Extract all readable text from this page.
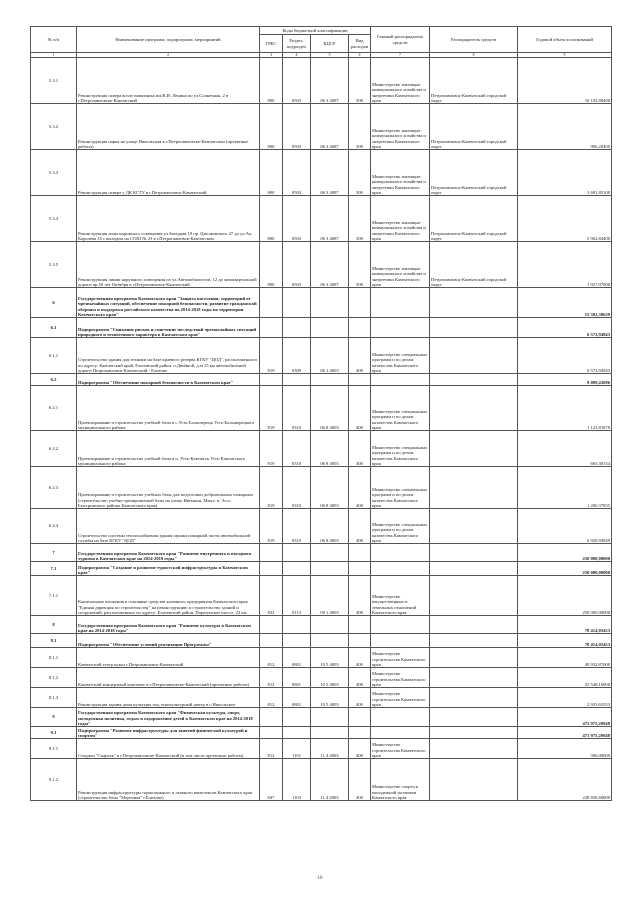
№ п/п	Наименование программ, подпрограмм, мероприятий	Коды бюджетной классификации				Главный распорядитель средств	Распорядитель средств	Годовой объем ассигнований
		ГРБС	Раздел, подраздел	КЦСР	Вид расходов			
1	2	3	4	5	6	7	8	9
5.3.1	Реконструкция сквера возле памятника им.В.И. Ленина по ул.Солнечная, 2 в г.Петропавловске-Камчатский	800	0503	06 3 4087	500	Министерство жилищно-коммунального хозяйства и энергетики Камчатского края	Петропавловск-Камчатский городской округ	16 102,88400
5.3.2	Реконструкция парка на улице Никольская в г.Петропавловске-Камчатском (проектные работы)	800	0503	06 3 4087	500	Министерство жилищно-коммунального хозяйства и энергетики Камчатского края	Петропавловск-Камчатский городской округ	906,20400
5.3.3	Реконструкция сквера у ДК КГТУ в г.Петропавловск-Камчатский	800	0503	06 3 4087	500	Министерство жилищно-коммунального хозяйства и энергетики Камчатского края	Петропавловск-Камчатский городской округ	3 691,85100
5.3.4	Реконструкция зоны наружного освещения ул.Звездная 19 пр. Циолковского 47 до ул.Ак. Королёва 35 с выходом на СОШ № 23 в г.Петропавловск-Камчатском	800	0503	06 3 4087	500	Министерство жилищно-коммунального хозяйства и энергетики Камчатского края	Петропавловск-Камчатский городской округ	5 962,84400
5.3.5	Реконструкция линии наружного освещения по ул.Автомобилистов, 12 до межквартальной дороги пр.50 лет Октября в г.Петропавловск-Камчатский	800	0503	06 3 4087	500	Министерство жилищно-коммунального хозяйства и энергетики Камчатского края	Петропавловск-Камчатский городской округ	1 027,07000
6	Государственная программа Камчатского края "Защита населения, территорий от чрезвычайных ситуаций, обеспечение пожарной безопасности, развитие гражданской обороны и поддержка российского казачества на 2014-2018 годы на территории Камчатского края"							15 582,38639
6.1	Подпрограмма "Снижение рисков и смягчение последствий чрезвычайных ситуаций природного и техногенного характера в Камчатском крае"							6 572,94943
6.1.1	Строительство здания для техники на базе краевого резерва КГКУ "ЦОД", расположенного по адресу: Камчатский край, Елизовский район, п.Двойной, д.м 15 км автомобильной дороги Петропавловск-Камчатский - Елизово	819	0309	06 1 4003	400	Министерство специальных программ и по делам казачества Камчатского края		6 572,94943
6.2	Подпрограмма "Обеспечение пожарной безопасности в Камчатском крае"							9 009,43696
6.2.1	Проектирование и строительство учебной базы в с.Усть-Большерецк Усть-Большерецкого муниципального района	819	0310	06 8 4003	400	Министерство специальных программ и по делам казачества Камчатского края		1 123,81878
6.2.2	Проектирование и строительство учебной базы в п. Усть-Камчатск Усть-Камчатского муниципального района	819	0310	06 8 4003	400	Министерство специальных программ и по делам казачества Камчатского края		665,30134
6.2.3	Проектирование и строительство учебных базы для подготовки добровольных пожарных (строительство учебно-тренировочной базы на улице Ивтыкин, Милл. в, Эссо Быстринского района Камчатского края)	819	0310	06 8 4003	400	Министерство специальных программ и по делам казачества Камчатского края		1 200,37835
6.2.4	Строительство системы теплоснабжения здания гаража пожарной части автомобильной службы на базе КГКУ "ЦОД"	819	0310	06 8 4003	400	Министерство специальных программ и по делам казачества Камчатского края		6 020,93849
7	Государственная программа Камчатского края "Развитие внутреннего и въездного туризма в Камчатском крае на 2014-2019 годы"							250 000,00000
7.1	Подпрограмма "Создание и развитие туристской инфраструктуры в Камчатском крае"							250 000,00000
7.1.1	Капитальные вложения в основные средства казенного предприятия Камчатского края "Единая дирекция по строительству" на реконструкцию и строительство зданий и сооружений, расположенных по адресу: Елизовский район, Паратунское шоссе, 23 км	822	0113	09 1 4003	400	Министерство имущественных и земельных отношений Камчатского края		250 000,00000
8	Государственная программа Камчатского края "Развитие культуры в Камчатском крае на 2014-2018 годы"							78 414,05453
8.1	Подпрограмма "Обеспечение условий реализации Программы"							78 414,05453
8.1.1	Камчатский театр кукол г.Петропавловск-Камчатский	812	0801	10 5 4003	400	Министерство строительства Камчатского края		49 932,87000
8.1.2	Камчатский концертный комплекс в г.Петропавловске-Камчатский (проектные работы)	812	0801	10 5 4003	400	Министерство строительства Камчатского края		25 548,16900
8.1.3	Реконструкция здания дома культуры под этнокультурный центр в с.Никольское	812	0801	10 5 4003	400	Министерство строительства Камчатского края		2 933,65553
9	Государственная программа Камчатского края "Физическая культура, спорт, молодежная политика, отдых и оздоровление детей в Камчатском крае на 2014-2018 годы"							475 975,20948
9.1	Подпрограмма "Развитие инфраструктуры для занятий физической культурой и спортом"							471 975,20948
9.1.1	Стадион "Спартак" в г.Петропавловске-Камчатский (в том числе проектные работы)	812	1101	11 4 4003	400	Министерство строительства Камчатского края		396,00000
9.1.2	Реконструкция инфраструктуры горнолыжного и лыжного комплексов Камчатского края (строительство базы "Морозная" г.Елизово)	847	1103	11 4 4003	400	Министерство спорта и молодежной политики Камчатского края		228 836,60000
10
